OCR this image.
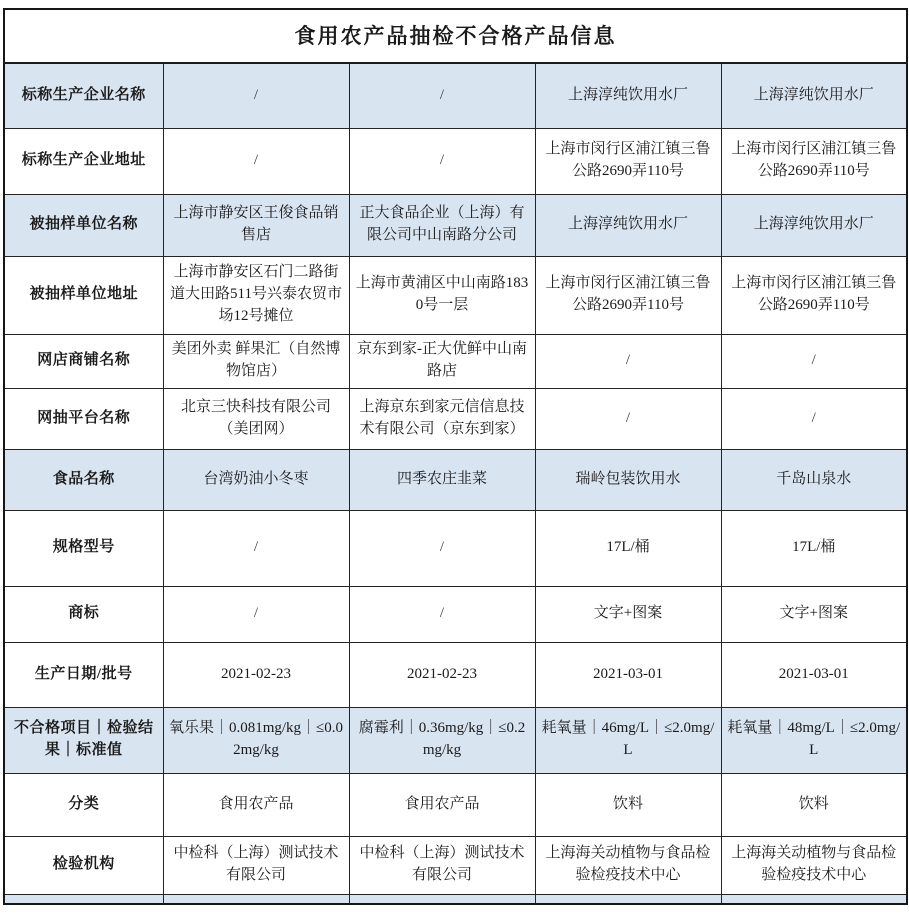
食用农产品抽检不合格产品信息				
标称生产企业名称	/	/	上海淳纯饮用水厂	上海淳纯饮用水厂
标称生产企业地址	/	/	上海市闵行区浦江镇三鲁公路2690弄110号	上海市闵行区浦江镇三鲁公路2690弄110号
被抽样单位名称	上海市静安区王俊食品销售店	正大食品企业（上海）有限公司中山南路分公司	上海淳纯饮用水厂	上海淳纯饮用水厂
被抽样单位地址	上海市静安区石门二路街道大田路511号兴泰农贸市场12号摊位	上海市黄浦区中山南路1830号一层	上海市闵行区浦江镇三鲁公路2690弄110号	上海市闵行区浦江镇三鲁公路2690弄110号
网店商铺名称	美团外卖 鲜果汇（自然博物馆店）	京东到家-正大优鲜中山南路店	/	/
网抽平台名称	北京三快科技有限公司（美团网）	上海京东到家元信信息技术有限公司（京东到家）	/	/
食品名称	台湾奶油小冬枣	四季农庄韭菜	瑞岭包装饮用水	千岛山泉水
规格型号	/	/	17L/桶	17L/桶
商标	/	/	文字+图案	文字+图案
生产日期/批号	2021-02-23	2021-02-23	2021-03-01	2021-03-01
不合格项目｜检验结果｜标准值	氧乐果｜0.081mg/kg｜≤0.02mg/kg	腐霉利｜0.36mg/kg｜≤0.2mg/kg	耗氧量｜46mg/L｜≤2.0mg/L	耗氧量｜48mg/L｜≤2.0mg/L
分类	食用农产品	食用农产品	饮料	饮料
检验机构	中检科（上海）测试技术有限公司	中检科（上海）测试技术有限公司	上海海关动植物与食品检验检疫技术中心	上海海关动植物与食品检验检疫技术中心
